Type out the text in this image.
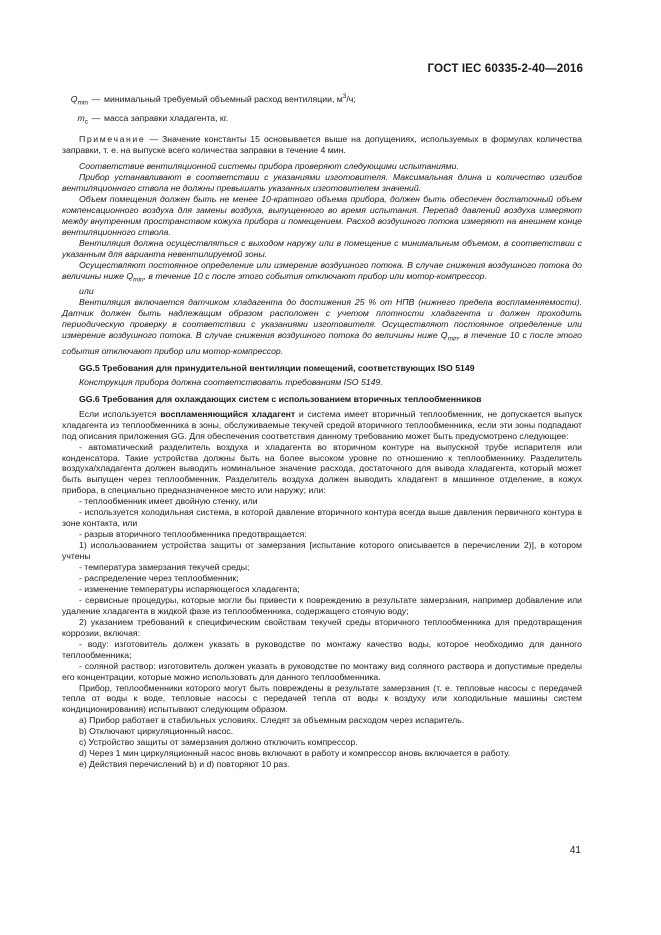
ГОСТ IEC 60335-2-40—2016

$Q_{min}$ — минимальный требуемый объемный расход вентиляции, $м^3/ч$;

$m_c$ — масса заправки хладагента, кг.

Примечание — Значение константы 15 основывается выше на допущениях, используемых в формулах количества заправки, т. е. на выпуске всего количества заправки в течение 4 мин.

Соответствие вентиляционной системы прибора проверяют следующими испытаниями.

Прибор устанавливают в соответствии с указаниями изготовителя. Максимальная длина и количество изгибов вентиляционного ствола не должны превышать указанных изготовителем значений.

Объем помещения должен быть не менее 10-кратного объема прибора, должен быть обеспечен достаточный объем компенсационного воздуха для замены воздуха, выпущенного во время испытания. Перепад давлений воздуха измеряют между внутренним пространством кожуха прибора и помещением. Расход воздушного потока измеряют на внешнем конце вентиляционного ствола.

Вентиляция должна осуществляться с выходом наружу или в помещение с минимальным объемом, в соответствии с указанным для варианта невентилируемой зоны.

Осуществляют постоянное определение или измерение воздушного потока. В случае снижения воздушного потока до величины ниже $Q_{min}$, в течение 10 с после этого события отключают прибор или мотор-компрессор.

или

Вентиляция включается датчиком хладагента до достижения 25 % от НПВ (нижнего предела воспламеняемости). Датчик должен быть надлежащим образом расположен с учетом плотности хладагента и должен проходить периодическую проверку в соответствии с указаниями изготовителя. Осуществляют постоянное определение или измерение воздушного потока. В случае снижения воздушного потока до величины ниже $Q_{min}$, в течение 10 с после этого события отключают прибор или мотор-компрессор.

GG.5 Требования для принудительной вентиляции помещений, соответствующих ISO 5149

Конструкция прибора должна соответствовать требованиям ISO 5149.

GG.6 Требования для охлаждающих систем с использованием вторичных теплообменников

Если используется воспламеняющийся хладагент и система имеет вторичный теплообменник, не допускается выпуск хладагента из теплообменника в зоны, обслуживаемые текучей средой вторичного теплообменника, если эти зоны подпадают под описания приложения GG. Для обеспечения соответствия данному требованию может быть предусмотрено следующее:

- автоматический разделитель воздуха и хладагента во вторичном контуре на выпускной трубе испарителя или конденсатора. Такие устройства должны быть на более высоком уровне по отношению к теплообменнику. Разделитель воздуха/хладагента должен выводить номинальное значение расхода, достаточного для вывода хладагента, который может быть выпущен через теплообменник. Разделитель воздуха должен выводить хладагент в машинное отделение, в кожух прибора, в специально предназначенное место или наружу; или:

- теплообменник имеет двойную стенку, или

- используется холодильная система, в которой давление вторичного контура всегда выше давления первичного контура в зоне контакта, или

- разрыв вторичного теплообменника предотвращается:

1) использованием устройства защиты от замерзания [испытание которого описывается в перечислении 2)], в котором учтены

- температура замерзания текучей среды;

- распределение через теплообменник;

- изменение температуры испаряющегося хладагента;

- сервисные процедуры, которые могли бы привести к повреждению в результате замерзания, например добавление или удаление хладагента в жидкой фазе из теплообменника, содержащего стоячую воду;

2) указанием требований к специфическим свойствам текучей среды вторичного теплообменника для предотвращения коррозии, включая:

- воду: изготовитель должен указать в руководстве по монтажу качество воды, которое необходимо для данного теплообменника;

- соляной раствор: изготовитель должен указать в руководстве по монтажу вид соляного раствора и допустимые пределы его концентрации, которые можно использовать для данного теплообменника.

Прибор, теплообменники которого могут быть повреждены в результате замерзания (т. е. тепловые насосы с передачей тепла от воды к воде, тепловые насосы с передачей тепла от воды к воздуху или холодильные машины систем кондиционирования) испытывают следующим образом.

a) Прибор работает в стабильных условиях. Следят за объемным расходом через испаритель.

b) Отключают циркуляционный насос.

c) Устройство защиты от замерзания должно отключить компрессор.

d) Через 1 мин циркуляционный насос вновь включают в работу и компрессор вновь включается в работу.

e) Действия перечислений b) и d) повторяют 10 раз.

41
